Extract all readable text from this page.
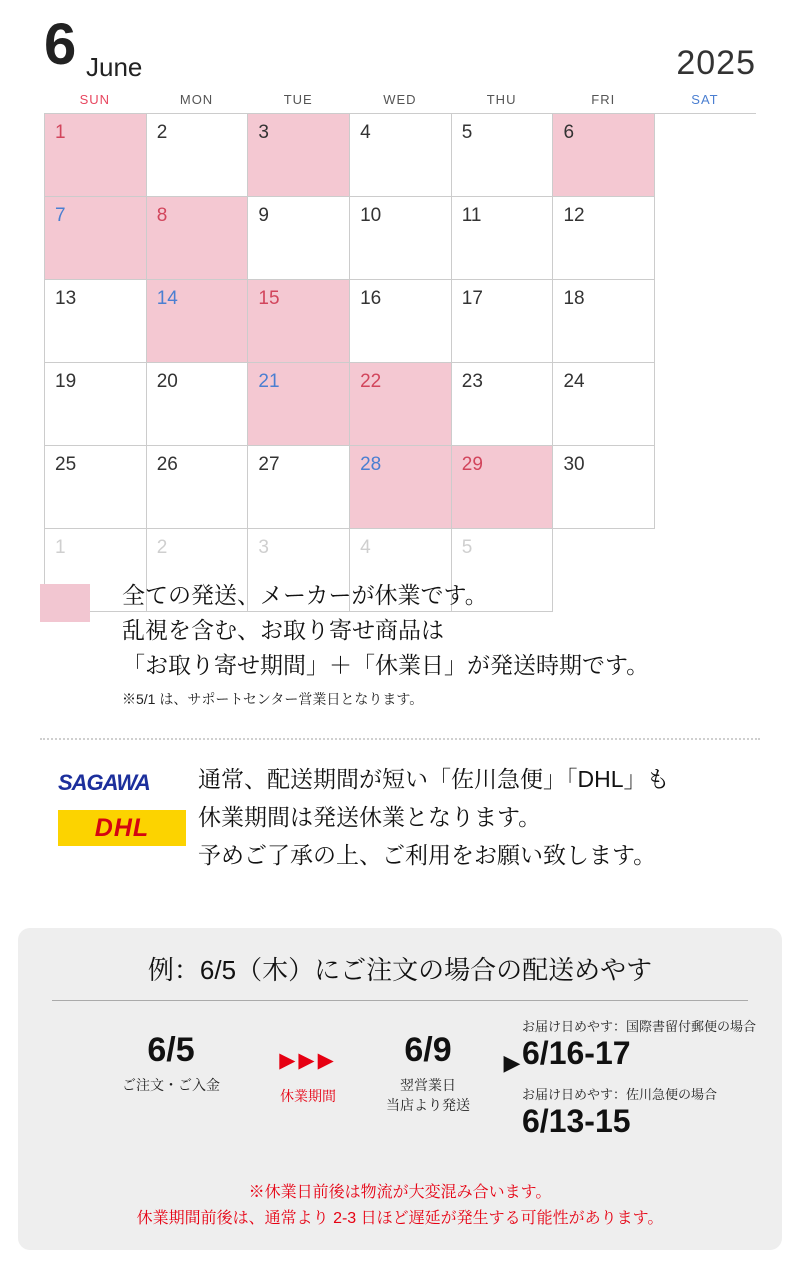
6 June	2025
SUN	MON	TUE	WED	THU	FRI	SAT
1	2	3	4	5	6
7	8	9	10	11	12
13	14	15	16	17	18
19	20	21	22	23	24
25	26	27	28	29	30
1	2	3	4	5
全ての発送、メーカーが休業です。
乱視を含む、お取り寄せ商品は
「お取り寄せ期間」＋「休業日」が発送時期です。
※5/1 は、サポートセンター営業日となります。
SAGAWA
DHL
通常、配送期間が短い「佐川急便」「DHL」も
休業期間は発送休業となります。
予めご了承の上、ご利用をお願い致します。
例：6/5（木）にご注文の場合の配送めやす
6/5
ご注文・ご入金
▶▶▶
休業期間
6/9
翌営業日
当店より発送
▶
お届け日めやす：国際書留付郵便の場合
6/16-17
お届け日めやす：佐川急便の場合
6/13-15
※休業日前後は物流が大変混み合います。
休業期間前後は、通常より 2-3 日ほど遅延が発生する可能性があります。
